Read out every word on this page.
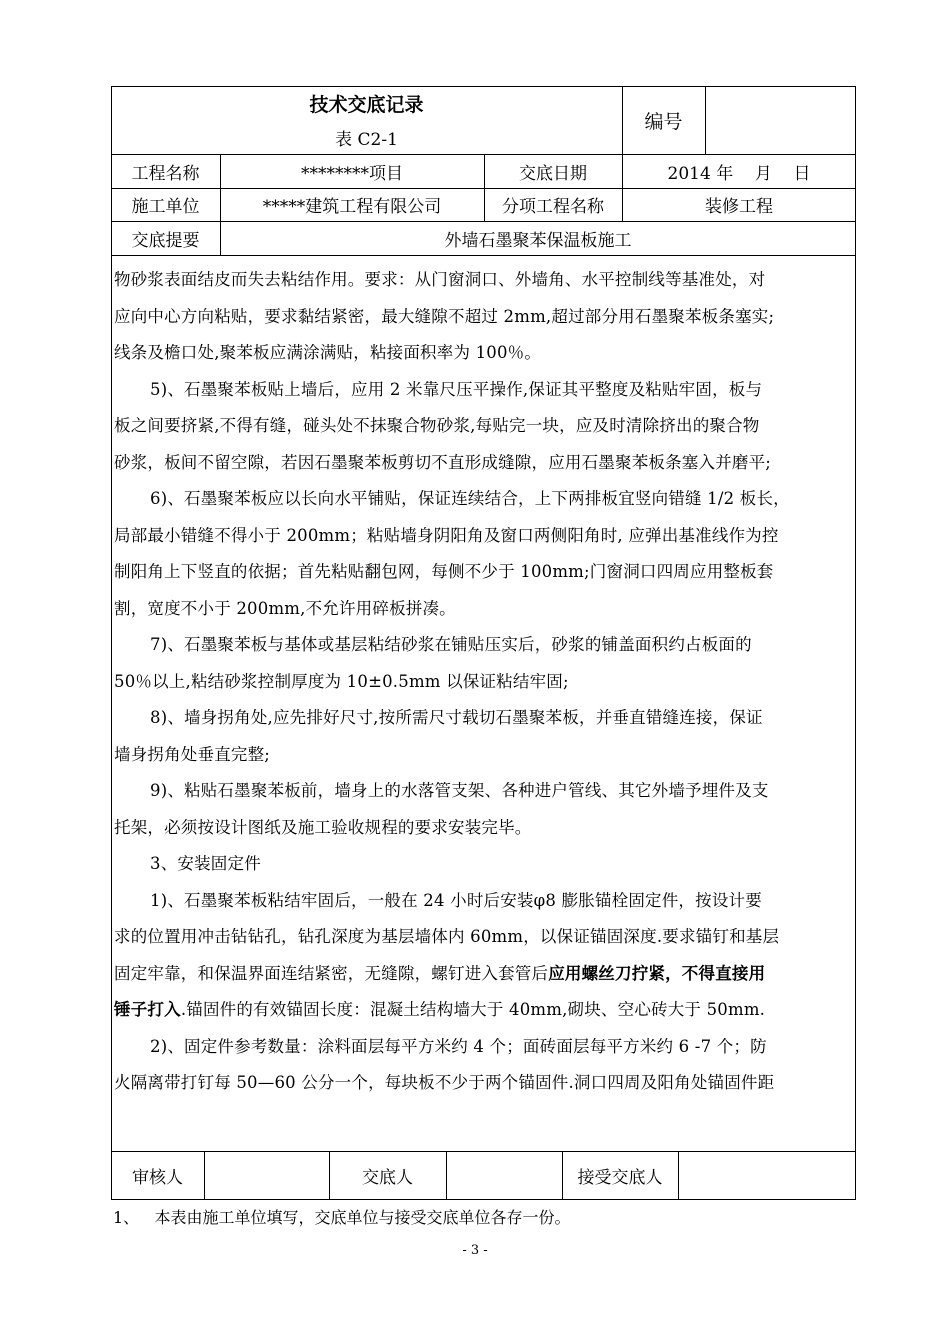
技术交底记录
表 C2-1
编号
工程名称	********项目	交底日期	2014 年    月    日
施工单位	*****建筑工程有限公司	分项工程名称	装修工程
交底提要	外墙石墨聚苯保温板施工

物砂浆表面结皮而失去粘结作用。要求：从门窗洞口、外墙角、水平控制线等基准处，对

应向中心方向粘贴，要求黏结紧密，最大缝隙不超过 2mm,超过部分用石墨聚苯板条塞实;

线条及檐口处,聚苯板应满涂满贴，粘接面积率为 100％。

5)、石墨聚苯板贴上墙后，应用 2 米靠尺压平操作,保证其平整度及粘贴牢固，板与

板之间要挤紧,不得有缝，碰头处不抹聚合物砂浆,每贴完一块，应及时清除挤出的聚合物

砂浆，板间不留空隙，若因石墨聚苯板剪切不直形成缝隙，应用石墨聚苯板条塞入并磨平;

6)、石墨聚苯板应以长向水平铺贴，保证连续结合，上下两排板宜竖向错缝 1/2 板长，

局部最小错缝不得小于 200mm；粘贴墙身阴阳角及窗口两侧阳角时, 应弹出基准线作为控

制阳角上下竖直的依据；首先粘贴翻包网，每侧不少于 100mm;门窗洞口四周应用整板套

割，宽度不小于 200mm,不允许用碎板拼凑。

7)、石墨聚苯板与基体或基层粘结砂浆在铺贴压实后，砂浆的铺盖面积约占板面的

50％以上,粘结砂浆控制厚度为 10±0.5mm 以保证粘结牢固;

8)、墙身拐角处,应先排好尺寸,按所需尺寸载切石墨聚苯板，并垂直错缝连接，保证

墙身拐角处垂直完整;

9)、粘贴石墨聚苯板前，墙身上的水落管支架、各种进户管线、其它外墙予埋件及支

托架，必须按设计图纸及施工验收规程的要求安装完毕。

3、安装固定件

1)、石墨聚苯板粘结牢固后，一般在 24 小时后安装φ8 膨胀锚栓固定件，按设计要

求的位置用冲击钻钻孔，钻孔深度为基层墙体内 60mm，以保证锚固深度.要求锚钉和基层

固定牢靠，和保温界面连结紧密，无缝隙，螺钉进入套管后应用螺丝刀拧紧，不得直接用

锤子打入.锚固件的有效锚固长度：混凝土结构墙大于 40mm,砌块、空心砖大于 50mm.

2)、固定件参考数量：涂料面层每平方米约 4 个；面砖面层每平方米约 6 -7 个；防

火隔离带打钉每 50—60 公分一个，每块板不少于两个锚固件.洞口四周及阳角处锚固件距

审核人	交底人	接受交底人
1、   本表由施工单位填写，交底单位与接受交底单位各存一份。
- 3 -
